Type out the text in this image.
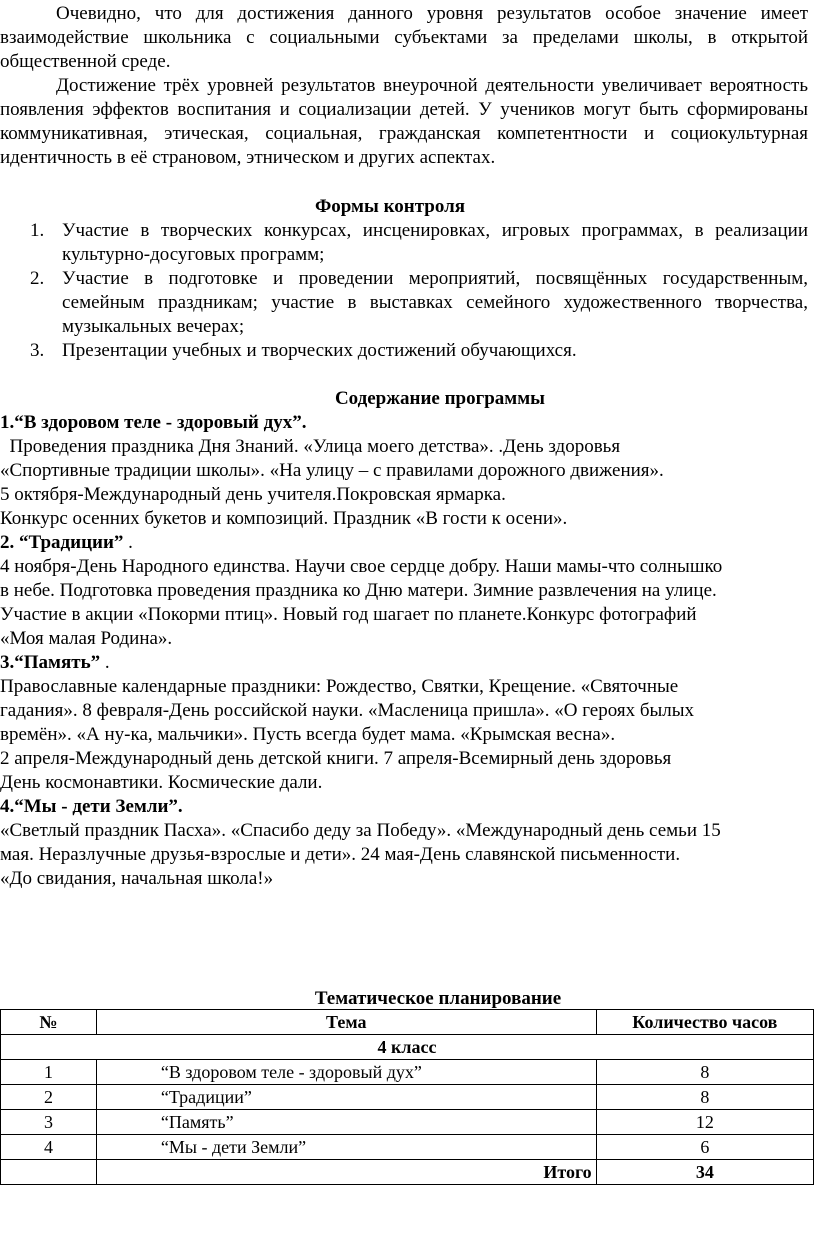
Очевидно, что для достижения данного уровня результатов особое значение имеет взаимодействие школьника с социальными субъектами за пределами школы, в открытой общественной среде.

Достижение трёх уровней результатов внеурочной деятельности увеличивает вероятность появления эффектов воспитания и социализации детей. У учеников могут быть сформированы коммуникативная, этическая, социальная, гражданская компетентности и социокультурная идентичность в её страновом, этническом и других аспектах.

Формы контроля

1. Участие в творческих конкурсах, инсценировках, игровых программах, в реализации культурно-досуговых программ;
2. Участие в подготовке и проведении мероприятий, посвящённых государственным, семейным праздникам; участие в выставках семейного художественного творчества, музыкальных вечерах;
3. Презентации учебных и творческих достижений обучающихся.

Содержание программы

1.“В здоровом теле - здоровый дух”.

Проведения праздника Дня Знаний. «Улица моего детства». .День здоровья

«Спортивные традиции школы». «На улицу – с правилами дорожного движения».

5 октября-Международный день учителя.Покровская ярмарка.

Конкурс осенних букетов и композиций. Праздник «В гости к осени».

2. “Традиции” .

4 ноября-День Народного единства. Научи свое сердце добру. Наши мамы-что солнышко

в небе. Подготовка проведения праздника ко Дню матери. Зимние развлечения на улице.

Участие в акции «Покорми птиц». Новый год шагает по планете.Конкурс фотографий

«Моя малая Родина».

3.“Память” .

Православные календарные праздники: Рождество, Святки, Крещение. «Святочные

гадания». 8 февраля-День российской науки. «Масленица пришла». «О героях былых

времён». «А ну-ка, мальчики». Пусть всегда будет мама. «Крымская весна».

2 апреля-Международный день детской книги. 7 апреля-Всемирный день здоровья

День космонавтики. Космические дали.

4.“Мы - дети Земли”.

«Светлый праздник Пасха». «Спасибо деду за Победу». «Международный день семьи 15

мая. Неразлучные друзья-взрослые и дети». 24 мая-День славянской письменности.

«До свидания, начальная школа!»

Тематическое планирование

№	Тема	Количество часов
4 класс		
1	“В здоровом теле - здоровый дух”	8
2	“Традиции”	8
3	“Память”	12
4	“Мы - дети Земли”	6
	Итого	34
